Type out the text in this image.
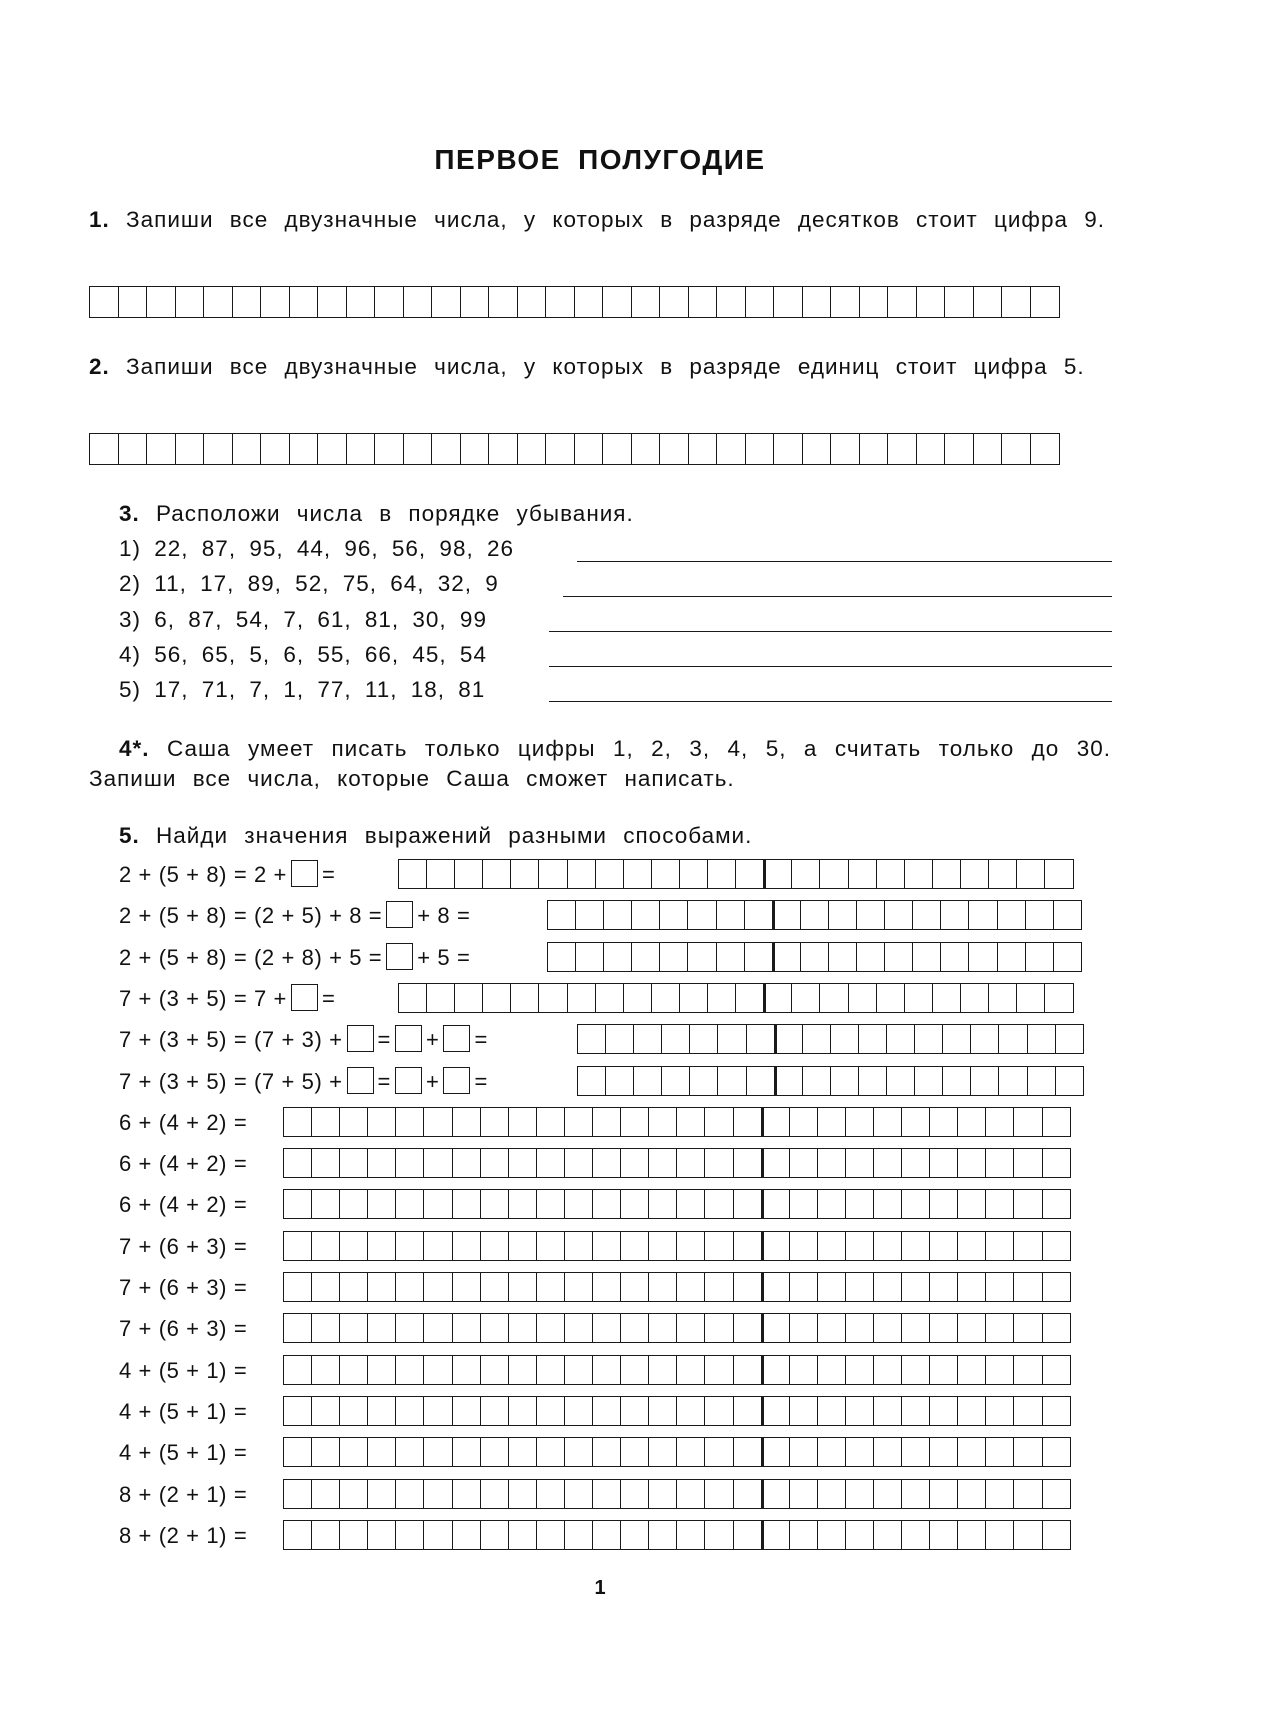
ПЕРВОЕ ПОЛУГОДИЕ
1. Запиши все двузначные числа, у которых в разряде десятков стоит цифра 9.
2. Запиши все двузначные числа, у которых в разряде единиц стоит цифра 5.
3. Расположи числа в порядке убывания.
1) 22, 87, 95, 44, 96, 56, 98, 26
2) 11, 17, 89, 52, 75, 64, 32, 9
3) 6, 87, 54, 7, 61, 81, 30, 99
4) 56, 65, 5, 6, 55, 66, 45, 54
5) 17, 71, 7, 1, 77, 11, 18, 81
4*. Саша умеет писать только цифры 1, 2, 3, 4, 5, а считать только до 30. Запиши все числа, которые Саша сможет написать.
5. Найди значения выражений разными способами.
2 + (5 + 8) = 2 + =
2 + (5 + 8) = (2 + 5) + 8 = + 8 =
2 + (5 + 8) = (2 + 8) + 5 = + 5 =
7 + (3 + 5) = 7 + =
7 + (3 + 5) = (7 + 3) + = + =
7 + (3 + 5) = (7 + 5) + = + =
6 + (4 + 2) =
6 + (4 + 2) =
6 + (4 + 2) =
7 + (6 + 3) =
7 + (6 + 3) =
7 + (6 + 3) =
4 + (5 + 1) =
4 + (5 + 1) =
4 + (5 + 1) =
8 + (2 + 1) =
8 + (2 + 1) =
1
